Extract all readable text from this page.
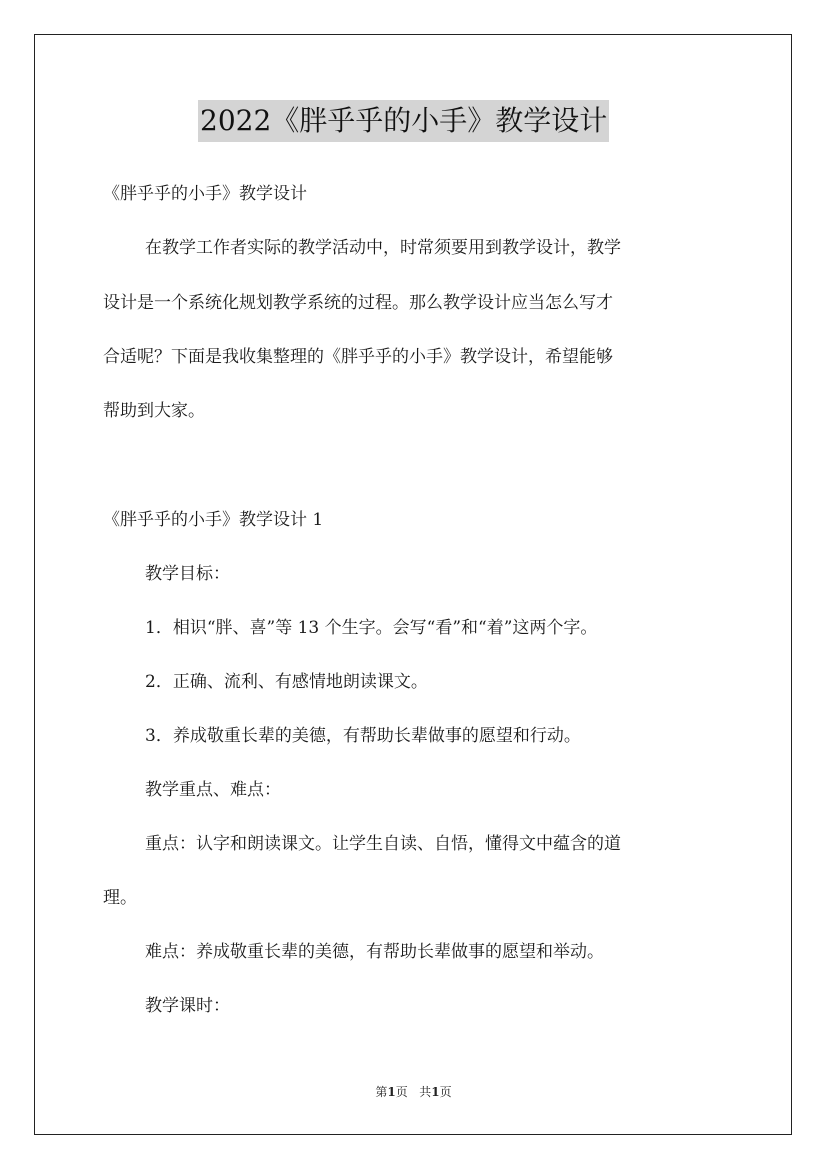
2022《胖乎乎的小手》教学设计
《胖乎乎的小手》教学设计
在教学工作者实际的教学活动中，时常须要用到教学设计，教学
设计是一个系统化规划教学系统的过程。那么教学设计应当怎么写才
合适呢？下面是我收集整理的《胖乎乎的小手》教学设计，希望能够
帮助到大家。
《胖乎乎的小手》教学设计 1
教学目标：
1．相识“胖、喜”等 13 个生字。会写“看”和“着”这两个字。
2．正确、流利、有感情地朗读课文。
3．养成敬重长辈的美德，有帮助长辈做事的愿望和行动。
教学重点、难点：
重点：认字和朗读课文。让学生自读、自悟，懂得文中蕴含的道
理。
难点：养成敬重长辈的美德，有帮助长辈做事的愿望和举动。
教学课时：
第1页 共1页
